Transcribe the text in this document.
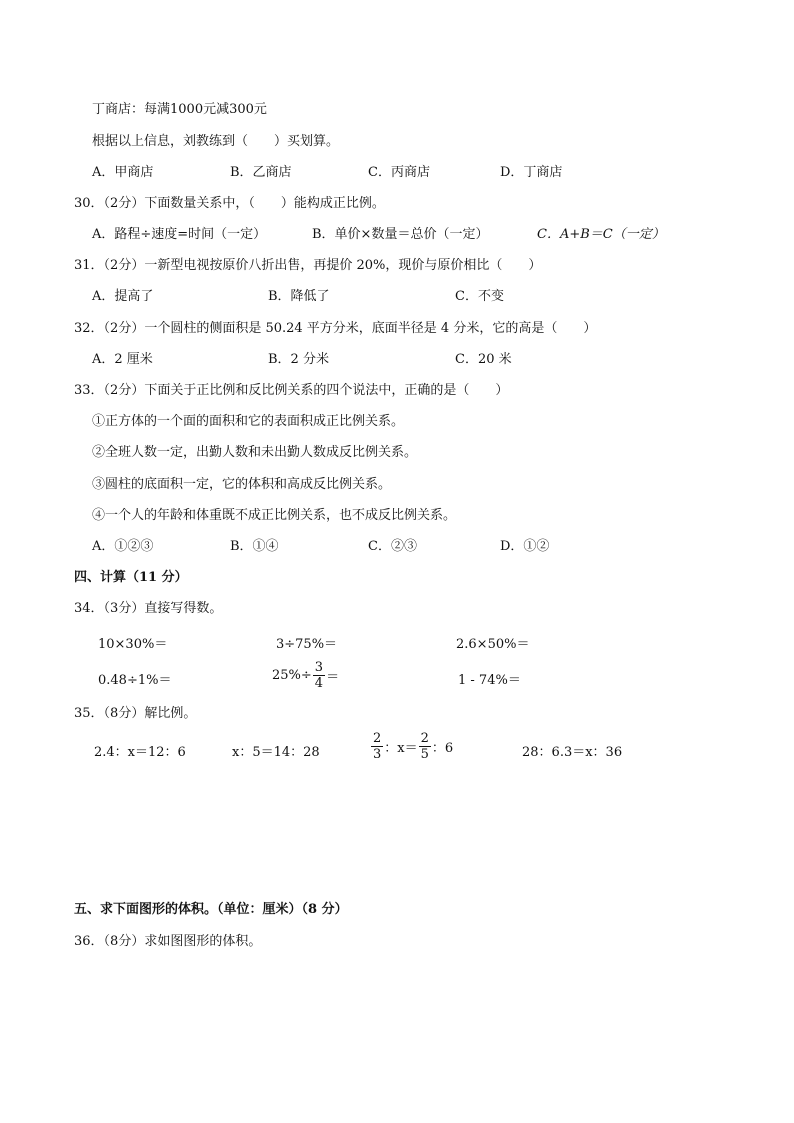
丁商店：每满1000元减300元
根据以上信息，刘教练到（　　）买划算。
A．甲商店	B．乙商店	C．丙商店	D．丁商店
30．（2分）下面数量关系中，（　　）能构成正比例。
A．路程÷速度=时间（一定）	B．单价×数量＝总价（一定）	C．A+B＝C（一定）
31．（2分）一新型电视按原价八折出售，再提价 20%，现价与原价相比（　　）
A．提高了	B．降低了	C．不变
32．（2分）一个圆柱的侧面积是 50.24 平方分米，底面半径是 4 分米，它的高是（　　）
A．2 厘米	B．2 分米	C．20 米
33．（2分）下面关于正比例和反比例关系的四个说法中，正确的是（　　）
①正方体的一个面的面积和它的表面积成正比例关系。
②全班人数一定，出勤人数和未出勤人数成反比例关系。
③圆柱的底面积一定，它的体积和高成反比例关系。
④一个人的年龄和体重既不成正比例关系，也不成反比例关系。
A．①②③	B．①④	C．②③	D．①②
四、计算（11 分）
34．（3分）直接写得数。
10×30%＝	3÷75%＝	2.6×50%＝
0.48÷1%＝	$25\%\div \frac{3}{4}$ ＝	1 - 74%＝
35．（8分）解比例。
2.4：x＝12：6	x：5＝14：28	$\frac{2}{3}$ ：$x= \frac{2}{5}$ ：6	28：6.3＝x：36
五、求下面图形的体积。（单位：厘米）（8 分）
36．（8分）求如图图形的体积。
